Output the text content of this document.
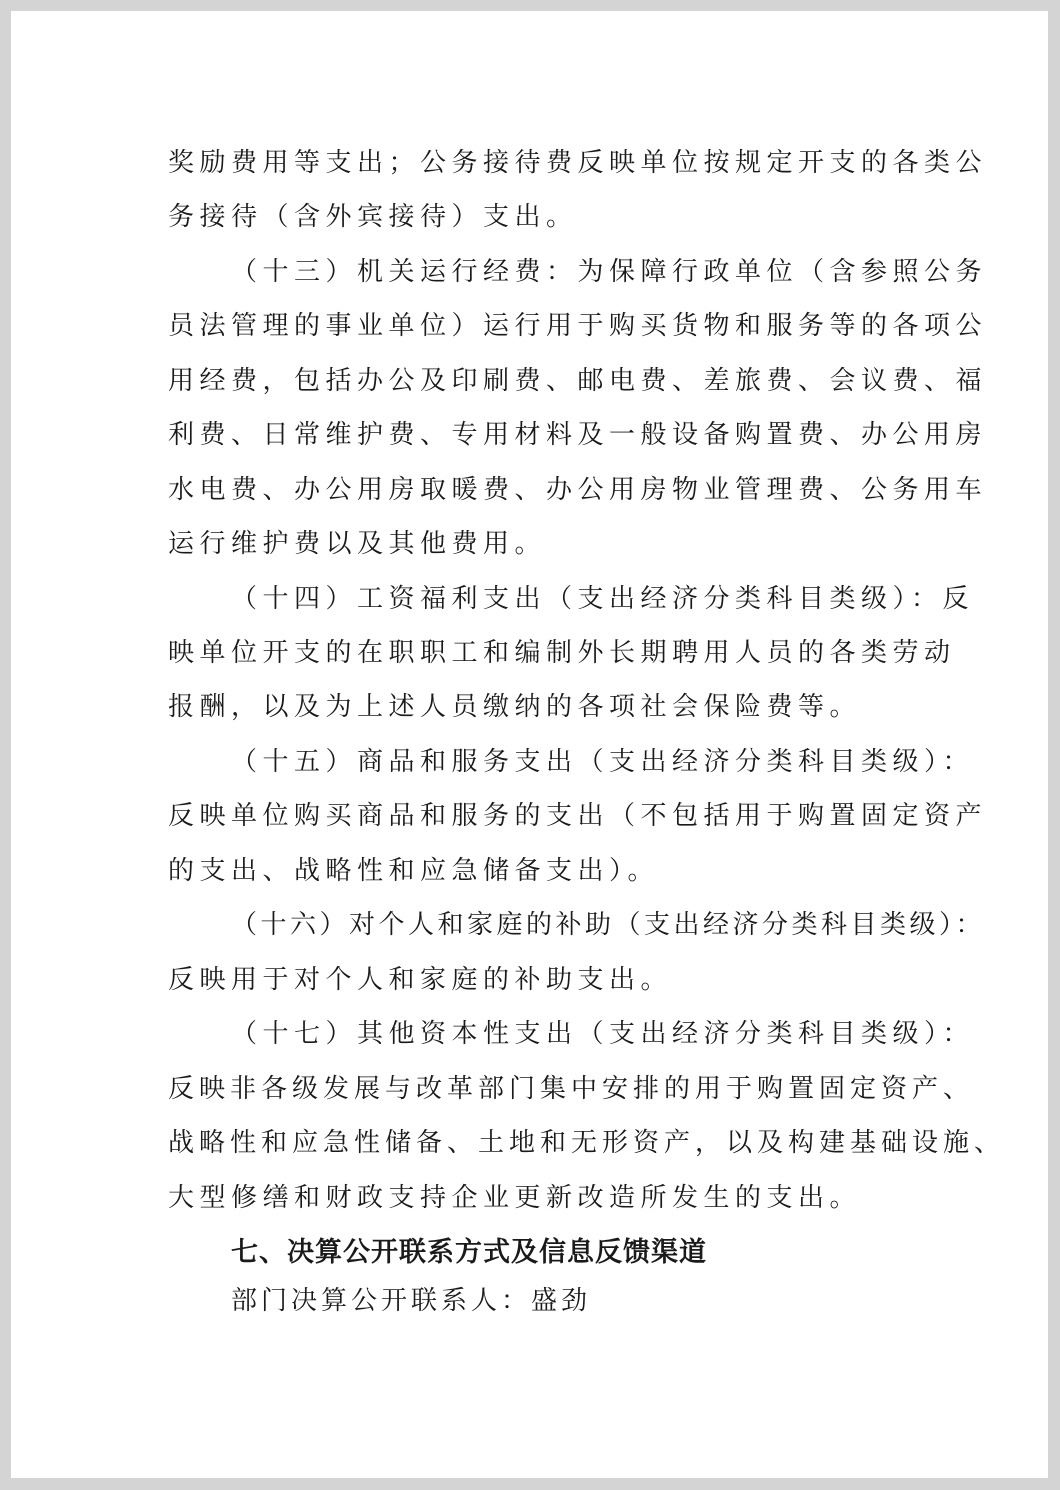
奖励费用等支出；公务接待费反映单位按规定开支的各类公
务接待（含外宾接待）支出。
（十三）机关运行经费：为保障行政单位（含参照公务
员法管理的事业单位）运行用于购买货物和服务等的各项公
用经费，包括办公及印刷费、邮电费、差旅费、会议费、福
利费、日常维护费、专用材料及一般设备购置费、办公用房
水电费、办公用房取暖费、办公用房物业管理费、公务用车
运行维护费以及其他费用。
（十四）工资福利支出（支出经济分类科目类级）：反
映单位开支的在职职工和编制外长期聘用人员的各类劳动
报酬，以及为上述人员缴纳的各项社会保险费等。
（十五）商品和服务支出（支出经济分类科目类级）：
反映单位购买商品和服务的支出（不包括用于购置固定资产
的支出、战略性和应急储备支出）。
（十六）对个人和家庭的补助（支出经济分类科目类级）：
反映用于对个人和家庭的补助支出。
（十七）其他资本性支出（支出经济分类科目类级）：
反映非各级发展与改革部门集中安排的用于购置固定资产、
战略性和应急性储备、土地和无形资产，以及构建基础设施、
大型修缮和财政支持企业更新改造所发生的支出。
七、决算公开联系方式及信息反馈渠道
部门决算公开联系人：盛劲
